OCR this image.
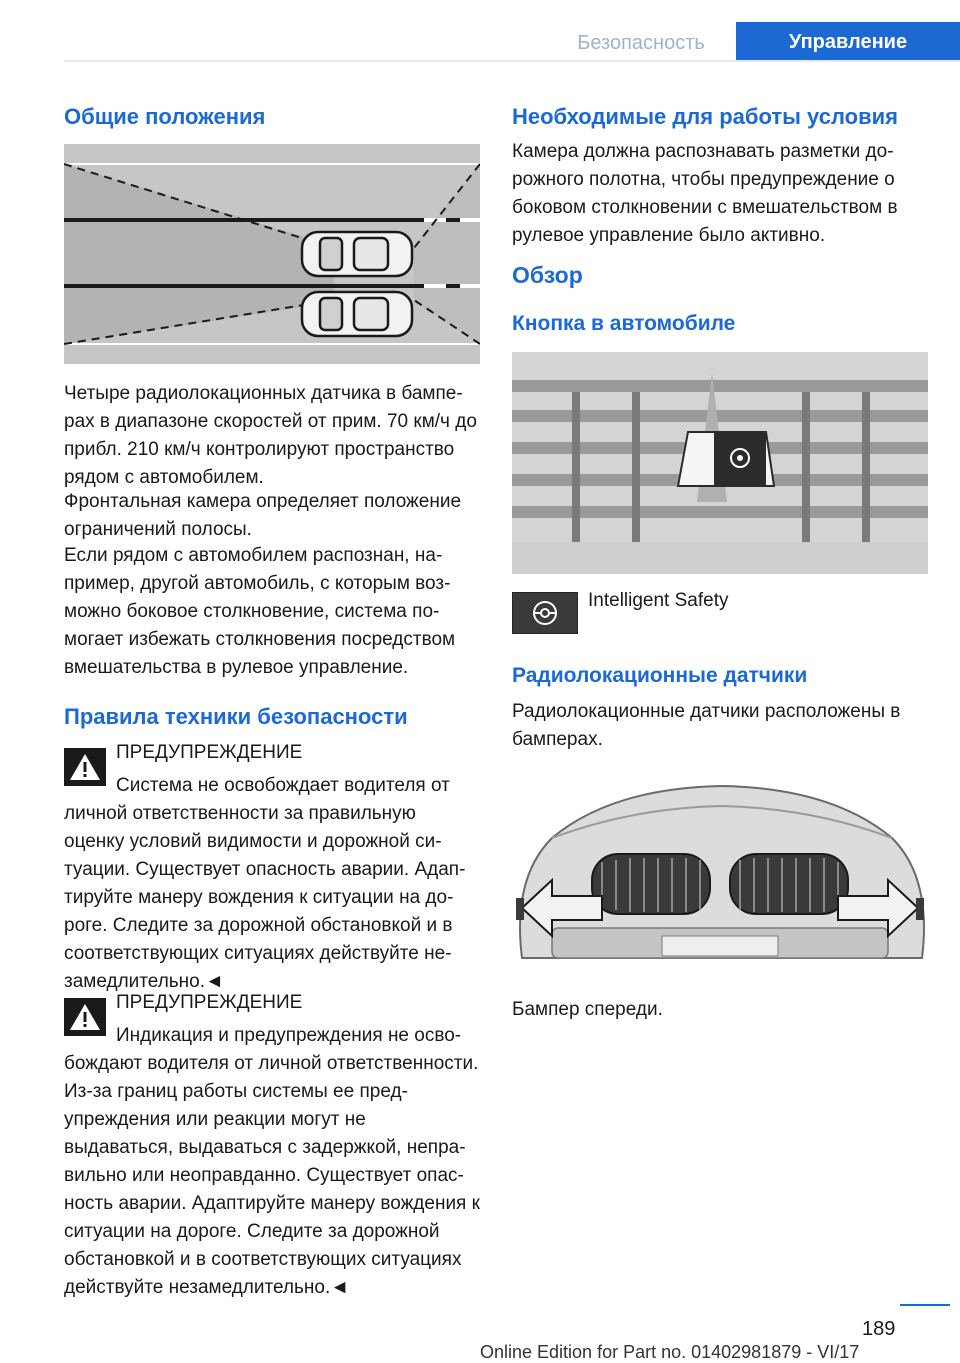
Безопасность	Управление
Общие положения

Четыре радиолокационных датчика в бамперах в диапазоне скоростей от прим. 70 км/ч до прибл. 210 км/ч контролируют пространство рядом с автомобилем.

Фронтальная камера определяет положение ограничений полосы.

Если рядом с автомобилем распознан, например, другой автомобиль, с которым возможно боковое столкновение, система помогает избежать столкновения посредством вмешательства в рулевое управление.

Правила техники безопасности
ПРЕДУПРЕЖДЕНИЕ

Система не освобождает водителя от личной ответственности за правильную оценку условий видимости и дорожной ситуации. Существует опасность аварии. Адаптируйте манеру вождения к ситуации на дороге. Следите за дорожной обстановкой и в соответствующих ситуациях действуйте незамедлительно.◄

ПРЕДУПРЕЖДЕНИЕ

Индикация и предупреждения не освобождают водителя от личной ответственности. Из-за границ работы системы ее предупреждения или реакции могут не выдаваться, выдаваться с задержкой, неправильно или неоправданно. Существует опасность аварии. Адаптируйте манеру вождения к ситуации на дороге. Следите за дорожной обстановкой и в соответствующих ситуациях действуйте незамедлительно.◄

Необходимые для работы условия

Камера должна распознавать разметки дорожного полотна, чтобы предупреждение о боковом столкновении с вмешательством в рулевое управление было активно.

Обзор
Кнопка в автомобиле
Intelligent Safety
Радиолокационные датчики

Радиолокационные датчики расположены в бамперах.

Бампер спереди.

189
Online Edition for Part no. 01402981879 - VI/17
